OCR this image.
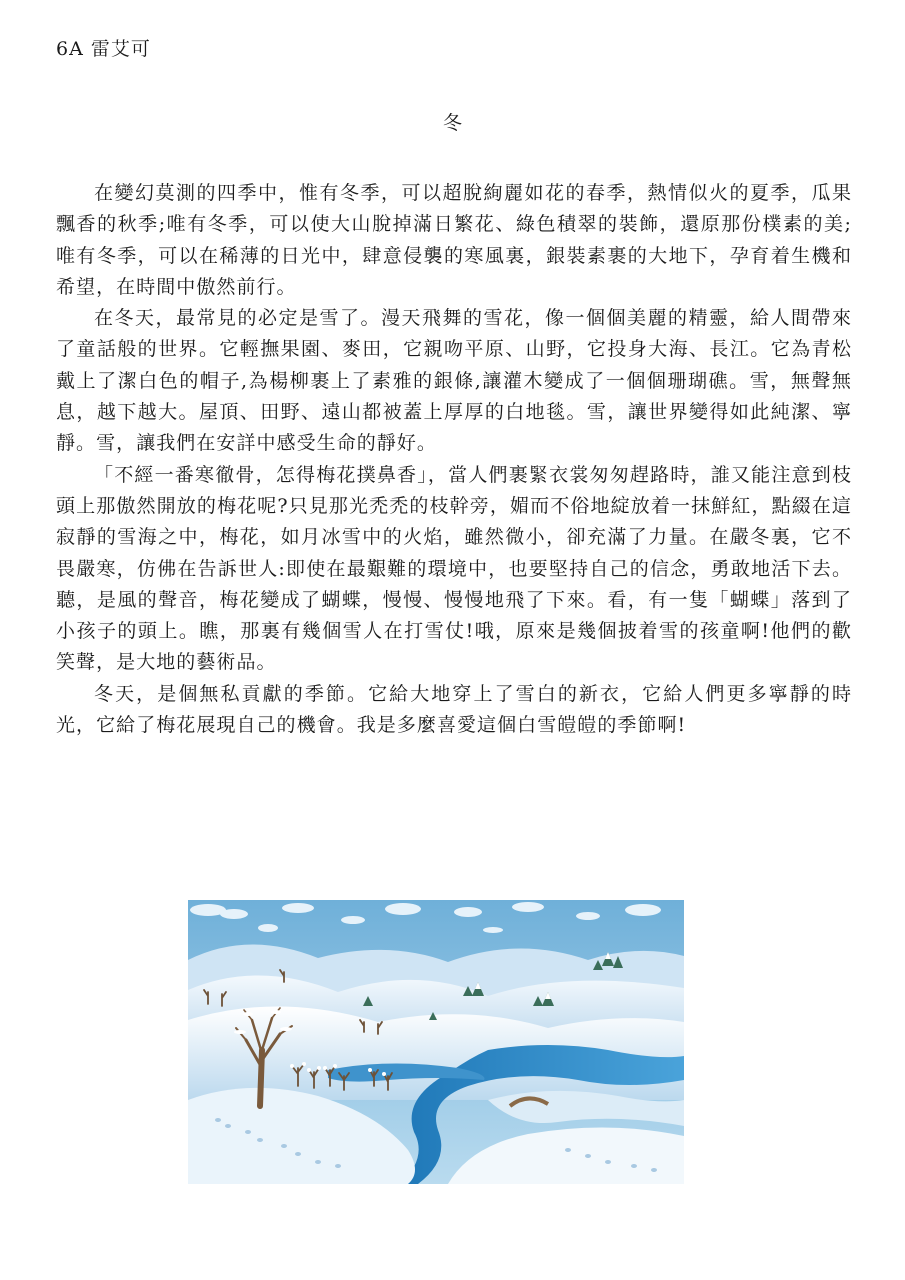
6A 雷艾可
冬

在變幻莫測的四季中，惟有冬季，可以超脫絢麗如花的春季，熱情似火的夏季，瓜果飄香的秋季;唯有冬季，可以使大山脫掉滿日繁花、綠色積翠的裝飾，還原那份樸素的美;唯有冬季，可以在稀薄的日光中，肆意侵襲的寒風裏，銀裝素裹的大地下，孕育着生機和希望，在時間中傲然前行。

在冬天，最常見的必定是雪了。漫天飛舞的雪花，像一個個美麗的精靈，給人間帶來了童話般的世界。它輕撫果園、麥田，它親吻平原、山野，它投身大海、長江。它為青松戴上了潔白色的帽子,為楊柳裹上了素雅的銀條,讓灌木變成了一個個珊瑚礁。雪，無聲無息，越下越大。屋頂、田野、遠山都被蓋上厚厚的白地毯。雪，讓世界變得如此純潔、寧靜。雪，讓我們在安詳中感受生命的靜好。

「不經一番寒徹骨，怎得梅花撲鼻香」，當人們裹緊衣裳匆匆趕路時，誰又能注意到枝頭上那傲然開放的梅花呢?只見那光禿禿的枝幹旁，媚而不俗地綻放着一抹鮮紅，點綴在這寂靜的雪海之中，梅花，如月冰雪中的火焰，雖然微小，卻充滿了力量。在嚴冬裏，它不畏嚴寒，仿佛在告訴世人:即使在最艱難的環境中，也要堅持自己的信念，勇敢地活下去。聽，是風的聲音，梅花變成了蝴蝶，慢慢、慢慢地飛了下來。看，有一隻「蝴蝶」落到了小孩子的頭上。瞧，那裏有幾個雪人在打雪仗!哦，原來是幾個披着雪的孩童啊!他們的歡笑聲，是大地的藝術品。

冬天，是個無私貢獻的季節。它給大地穿上了雪白的新衣，它給人們更多寧靜的時光，它給了梅花展現自己的機會。我是多麼喜愛這個白雪皚皚的季節啊!
